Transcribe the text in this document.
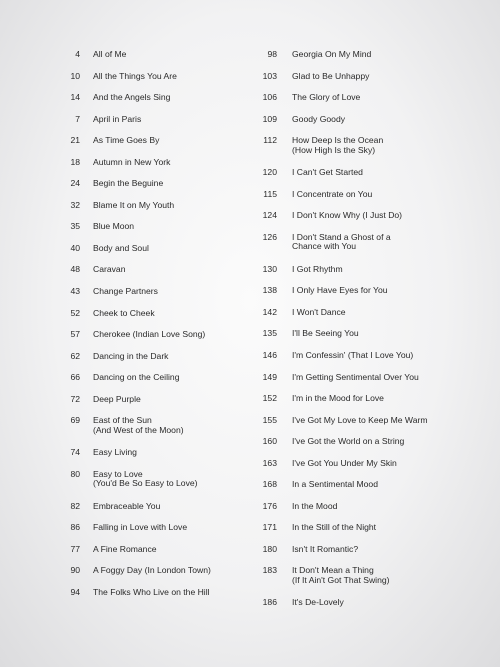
4	All of Me
10	All the Things You Are
14	And the Angels Sing
7	April in Paris
21	As Time Goes By
18	Autumn in New York
24	Begin the Beguine
32	Blame It on My Youth
35	Blue Moon
40	Body and Soul
48	Caravan
43	Change Partners
52	Cheek to Cheek
57	Cherokee (Indian Love Song)
62	Dancing in the Dark
66	Dancing on the Ceiling
72	Deep Purple
69	East of the Sun
(And West of the Moon)
74	Easy Living
80	Easy to Love
(You'd Be So Easy to Love)
82	Embraceable You
86	Falling in Love with Love
77	A Fine Romance
90	A Foggy Day (In London Town)
94	The Folks Who Live on the Hill
98	Georgia On My Mind
103	Glad to Be Unhappy
106	The Glory of Love
109	Goody Goody
112	How Deep Is the Ocean
(How High Is the Sky)
120	I Can't Get Started
115	I Concentrate on You
124	I Don't Know Why (I Just Do)
126	I Don't Stand a Ghost of a
Chance with You
130	I Got Rhythm
138	I Only Have Eyes for You
142	I Won't Dance
135	I'll Be Seeing You
146	I'm Confessin' (That I Love You)
149	I'm Getting Sentimental Over You
152	I'm in the Mood for Love
155	I've Got My Love to Keep Me Warm
160	I've Got the World on a String
163	I've Got You Under My Skin
168	In a Sentimental Mood
176	In the Mood
171	In the Still of the Night
180	Isn't It Romantic?
183	It Don't Mean a Thing
(If It Ain't Got That Swing)
186	It's De-Lovely
